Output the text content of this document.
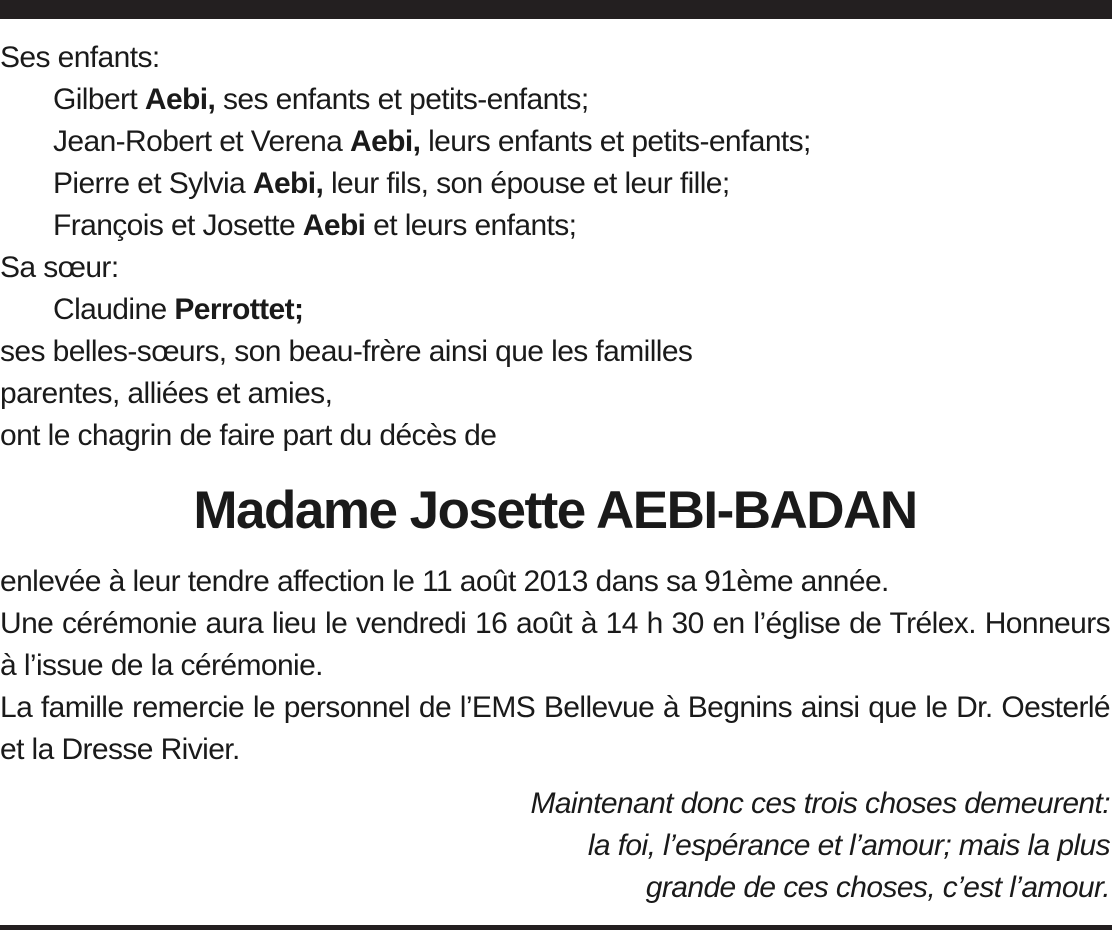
Ses enfants:
Gilbert Aebi, ses enfants et petits-enfants;
Jean-Robert et Verena Aebi, leurs enfants et petits-enfants;
Pierre et Sylvia Aebi, leur fils, son épouse et leur fille;
François et Josette Aebi et leurs enfants;
Sa sœur:
Claudine Perrottet;
ses belles-sœurs, son beau-frère ainsi que les familles
parentes, alliées et amies,
ont le chagrin de faire part du décès de
Madame Josette AEBI-BADAN
enlevée à leur tendre affection le 11 août 2013 dans sa 91ème année.
Une cérémonie aura lieu le vendredi 16 août à 14 h 30 en l’église de Trélex. Honneurs à l’issue de la cérémonie.
La famille remercie le personnel de l’EMS Bellevue à Begnins ainsi que le Dr. Oesterlé et la Dresse Rivier.
Maintenant donc ces trois choses demeurent:
la foi, l’espérance et l’amour; mais la plus
grande de ces choses, c’est l’amour.
